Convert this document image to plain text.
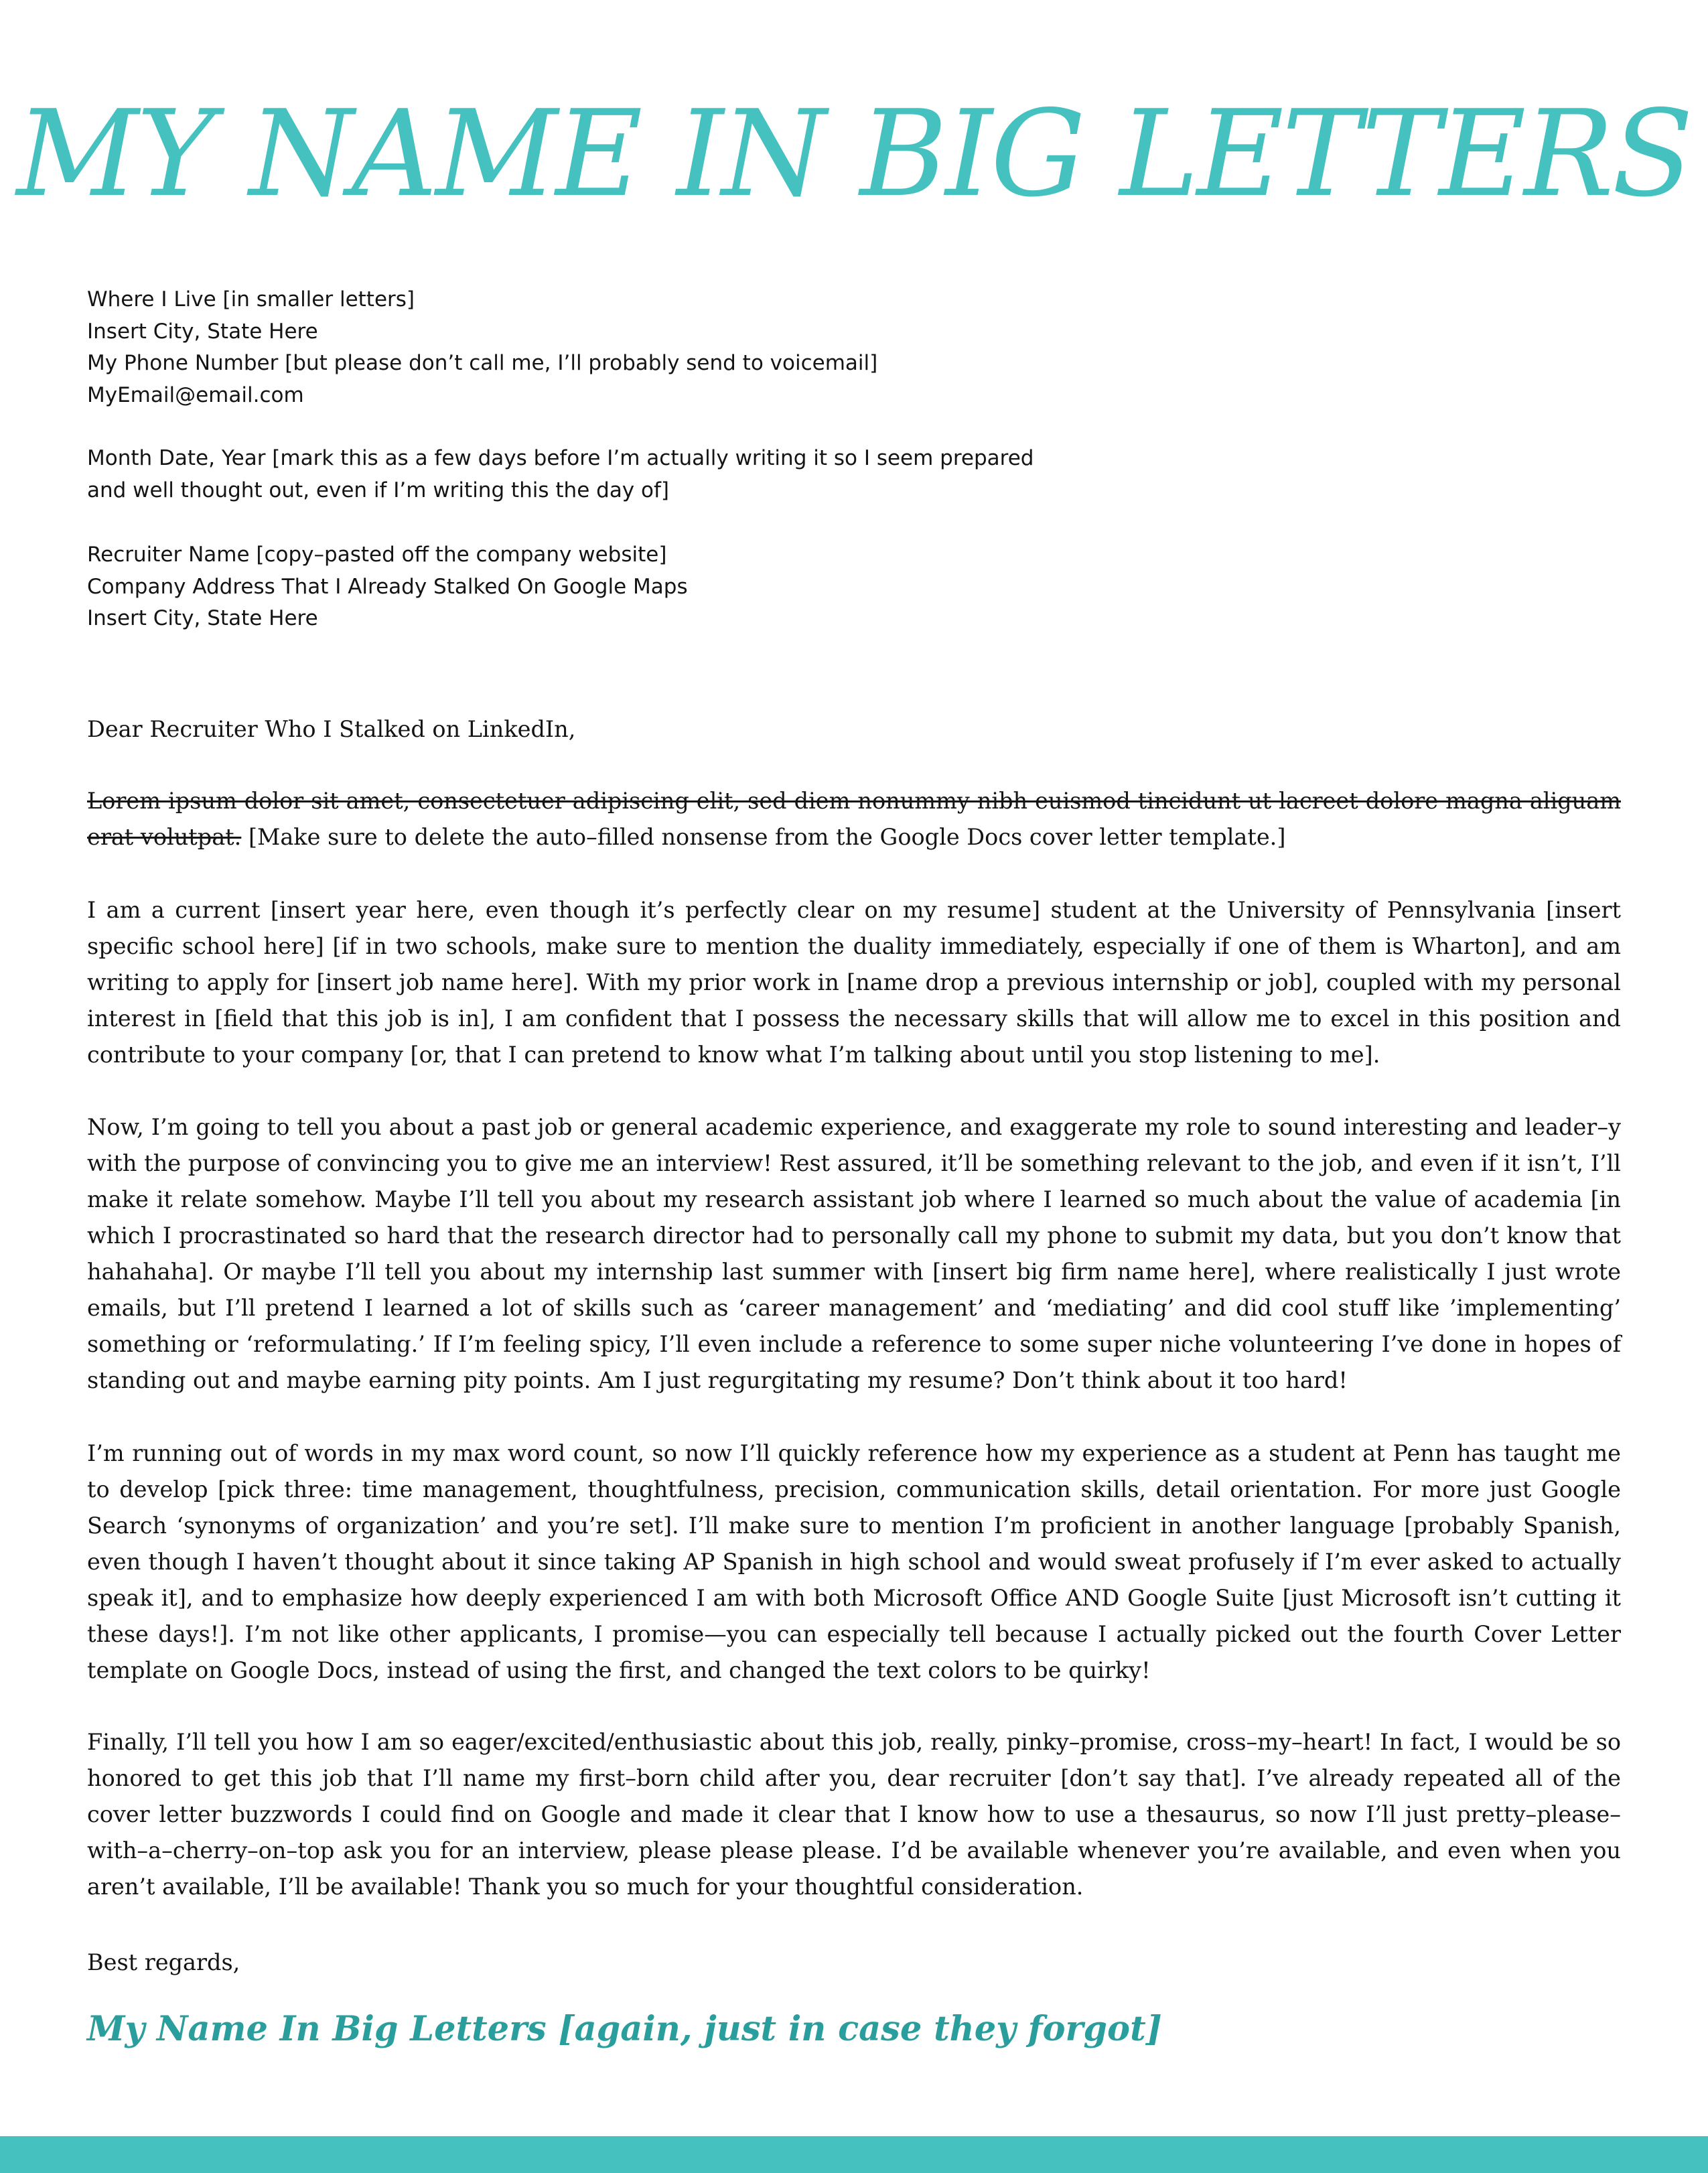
MY NAME IN BIG LETTERS
Where I Live [in smaller letters]
Insert City, State Here
My Phone Number [but please don’t call me, I’ll probably send to voicemail]
MyEmail@email.com
Month Date, Year [mark this as a few days before I’m actually writing it so I seem prepared
and well thought out, even if I’m writing this the day of]
Recruiter Name [copy–pasted off the company website]
Company Address That I Already Stalked On Google Maps
Insert City, State Here
Dear Recruiter Who I Stalked on LinkedIn,

Lorem ipsum dolor sit amet, consectetuer adipiscing elit, sed diem nonummy nibh euismod tincidunt ut lacreet dolore magna aliguam erat volutpat. [Make sure to delete the auto–filled nonsense from the Google Docs cover letter template.]

I am a current [insert year here, even though it’s perfectly clear on my resume] student at the University of Pennsylvania [insert specific school here] [if in two schools, make sure to mention the duality immediately, especially if one of them is Wharton], and am writing to apply for [insert job name here]. With my prior work in [name drop a previous internship or job], coupled with my personal interest in [field that this job is in], I am confident that I possess the necessary skills that will allow me to excel in this position and contribute to your company [or, that I can pretend to know what I’m talking about until you stop listening to me].

Now, I’m going to tell you about a past job or general academic experience, and exaggerate my role to sound interesting and leader–y with the purpose of convincing you to give me an interview! Rest assured, it’ll be something relevant to the job, and even if it isn’t, I’ll make it relate somehow. Maybe I’ll tell you about my research assistant job where I learned so much about the value of academia [in which I procrastinated so hard that the research director had to personally call my phone to submit my data, but you don’t know that hahahaha]. Or maybe I’ll tell you about my internship last summer with [insert big firm name here], where realistically I just wrote emails, but I’ll pretend I learned a lot of skills such as ‘career management’ and ‘mediating’ and did cool stuff like ’implementing’ something or ‘reformulating.’ If I’m feeling spicy, I’ll even include a reference to some super niche volunteering I’ve done in hopes of standing out and maybe earning pity points. Am I just regurgitating my resume? Don’t think about it too hard!

I’m running out of words in my max word count, so now I’ll quickly reference how my experience as a student at Penn has taught me to develop [pick three: time management, thoughtfulness, precision, communication skills, detail orientation. For more just Google Search ‘synonyms of organization’ and you’re set]. I’ll make sure to mention I’m proficient in another language [probably Spanish, even though I haven’t thought about it since taking AP Spanish in high school and would sweat profusely if I’m ever asked to actually speak it], and to emphasize how deeply experienced I am with both Microsoft Office AND Google Suite [just Microsoft isn’t cutting it these days!]. I’m not like other applicants, I promise—you can especially tell because I actually picked out the fourth Cover Letter template on Google Docs, instead of using the first, and changed the text colors to be quirky!

Finally, I’ll tell you how I am so eager/excited/enthusiastic about this job, really, pinky–promise, cross–my–heart! In fact, I would be so honored to get this job that I’ll name my first–born child after you, dear recruiter [don’t say that]. I’ve already repeated all of the cover letter buzzwords I could find on Google and made it clear that I know how to use a thesaurus, so now I’ll just pretty–please–with–a–cherry–on–top ask you for an interview, please please please. I’d be available whenever you’re available, and even when you aren’t available, I’ll be available! Thank you so much for your thoughtful consideration.

Best regards,
My Name In Big Letters [again, just in case they forgot]
